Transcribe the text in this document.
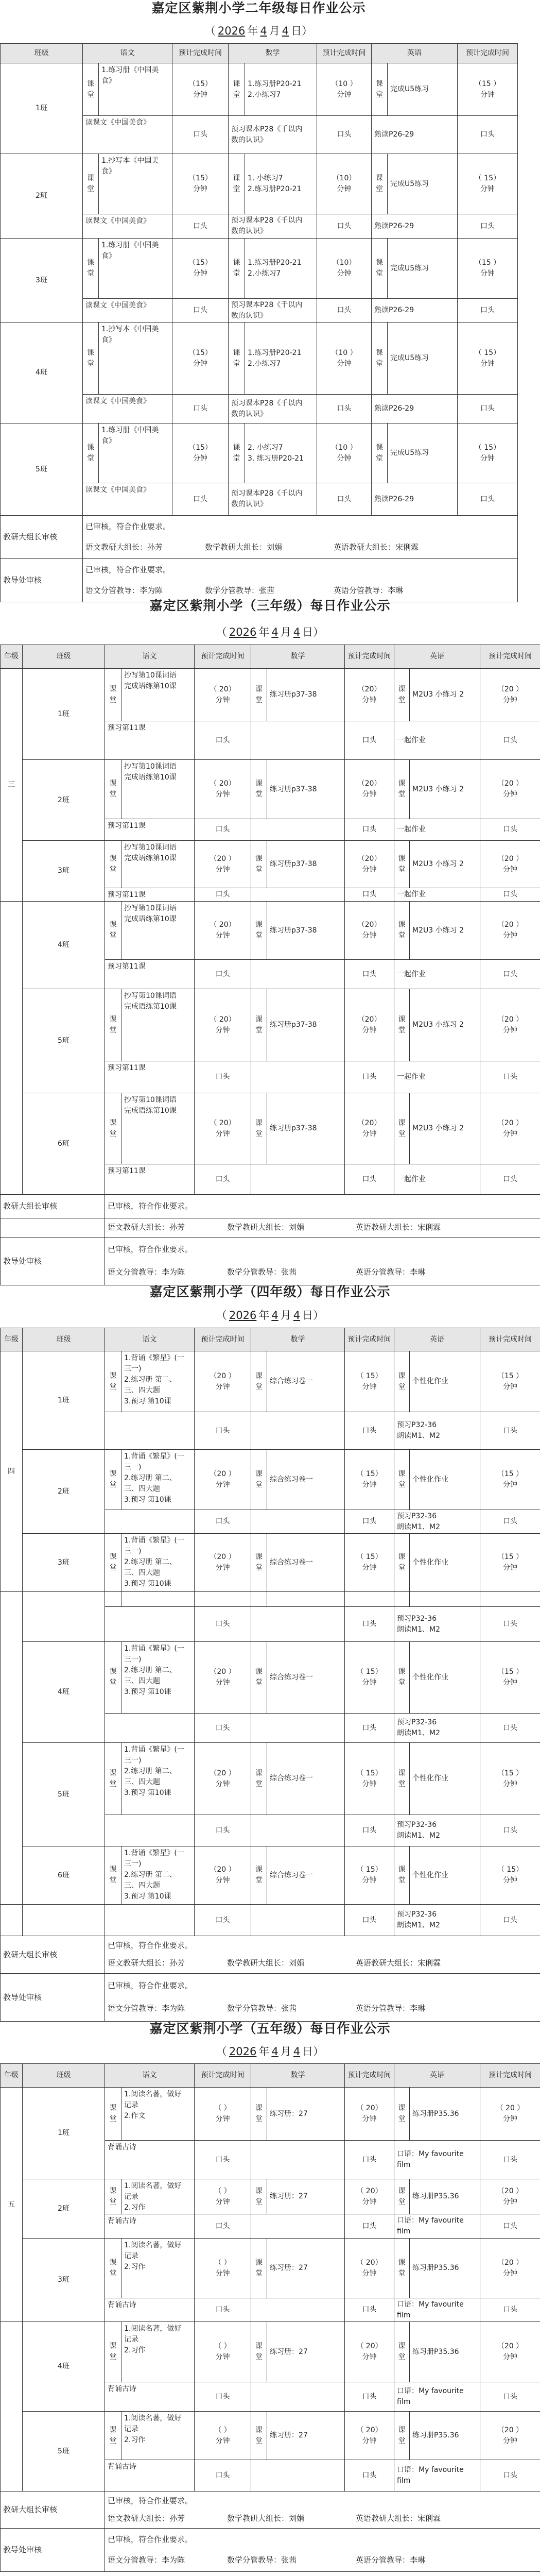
嘉定区紫荆小学二年级每日作业公示
（ 2026 年 4 月 4 日）
班级	语文		预计完成时间	数学		预计完成时间	英语		预计完成时间
1班	课堂	1.练习册《中国美
食》	（15）
分钟	课堂	1.练习册P20-21
2.小练习7	（10 ）
分钟	课堂	完成U5练习	（15 ）
分钟
	读课文《中国美食》		口头	预习课本P28《千以内
数的认识》		口头	熟读P26-29		口头
2班	课堂	1.抄写本《中国美
食》	（15）
分钟	课堂	1. 小练习7
2.练习册P20-21	（10）
分钟	课堂	完成U5练习	（ 15）
分钟
	读课文《中国美食》		口头	预习课本P28《千以内
数的认识》		口头	熟读P26-29		口头
3班	课堂	1.练习册《中国美
食》	（15）
分钟	课堂	1.练习册P20-21
2.小练习7	（10）
分钟	课堂	完成U5练习	（15 ）
分钟
	读课文《中国美食》		口头	预习课本P28《千以内
数的认识》		口头	熟读P26-29		口头
4班	课堂	1.抄写本《中国美
食》	（15）
分钟	课堂	1.练习册P20-21
2.小练习7	（10 ）
分钟	课堂	完成U5练习	（ 15）
分钟
	读课文《中国美食》		口头	预习课本P28《千以内
数的认识》		口头	熟读P26-29		口头
5班	课堂	1.练习册《中国美
食》	（15）
分钟	课堂	2. 小练习7
3. 练习册P20-21	（10 ）
分钟	课堂	完成U5练习	（ 15）
分钟
	读课文《中国美食》		口头	预习课本P28《千以内
数的认识》		口头	熟读P26-29		口头
教研大组长审核	已审核，符合作业要求。
语文教研大组长：孙芳 数学教研大组长：刘娟 英语教研大组长：宋俐霖								

教导处审核	已审核，符合作业要求。
语文分管教导：李为陈 数学分管教导：张茜 英语分管教导：李琳								
嘉定区紫荆小学（三年级）每日作业公示
（ 2026 年 4 月 4 日）
年级	班级	语文		预计完成时间	数学		预计完成时间	英语		预计完成时间
三	1班	课堂	抄写第10课词语
完成语练第10课	（ 20）
分钟	课堂	练习册p37-38	（20）
分钟	课堂	M2U3 小练习 2	（20 ）
分钟
		预习第11课		口头			口头	一起作业		口头
	2班	课堂	抄写第10课词语
完成语练第10课	（ 20）
分钟	课堂	练习册p37-38	（20）
分钟	课堂	M2U3 小练习 2	（20 ）
分钟
		预习第11课		口头			口头	一起作业		口头
	3班	课堂	抄写第10课词语
完成语练第10课	（20 ）
分钟	课堂	练习册p37-38	（20）
分钟	课堂	M2U3 小练习 2	（20 ）
分钟
		预习第11课		口头			口头	一起作业		口头
	4班	课堂	抄写第10课词语
完成语练第10课	（ 20）
分钟	课堂	练习册p37-38	（20）
分钟	课堂	M2U3 小练习 2	（20 ）
分钟
		预习第11课		口头			口头	一起作业		口头
	5班	课堂	抄写第10课词语
完成语练第10课	（ 20）
分钟	课堂	练习册p37-38	（20）
分钟	课堂	M2U3 小练习 2	（20 ）
分钟
		预习第11课		口头			口头	一起作业		口头
	6班	课堂	抄写第10课词语
完成语练第10课	（ 20）
分钟	课堂	练习册p37-38	（20）
分钟	课堂	M2U3 小练习 2	（20 ）
分钟
		预习第11课		口头			口头	一起作业		口头
教研大组长审核		已审核，符合作业要求。								

		语文教研大组长：孙芳 数学教研大组长：刘娟 英语教研大组长：宋俐霖								

教导处审核		已审核，符合作业要求。
语文分管教导：李为陈 数学分管教导：张茜 英语分管教导：李琳								
嘉定区紫荆小学（四年级）每日作业公示
（ 2026 年 4 月 4 日）
年级	班级	语文		预计完成时间	数学		预计完成时间	英语		预计完成时间
四	1班	课堂	1.背诵《繁星》(一
三一)
2.练习册 第二、
三、四大题
3.预习 第10课	（20 ）
分钟	课堂	综合练习卷一	（ 15）
分钟	课堂	个性化作业	（15 ）
分钟
				口头			口头	预习P32-36
朗读M1、M2		口头
	2班	课堂	1.背诵《繁星》(一
三一)
2.练习册 第二、
三、四大题
3.预习 第10课	（20 ）
分钟	课堂	综合练习卷一	（ 15）
分钟	课堂	个性化作业	（15 ）
分钟
				口头			口头	预习P32-36
朗读M1、M2		口头
	3班	课堂	1.背诵《繁星》(一
三一)
2.练习册 第二、
三、四大题
3.预习 第10课	（20 ）
分钟	课堂	综合练习卷一	（ 15）
分钟	课堂	个性化作业	（15 ）
分钟

				口头			口头	预习P32-36
朗读M1、M2		口头
	4班	课堂	1.背诵《繁星》(一
三一)
2.练习册 第二、
三、四大题
3.预习 第10课	（20 ）
分钟	课堂	综合练习卷一	（ 15）
分钟	课堂	个性化作业	（15 ）
分钟
				口头			口头	预习P32-36
朗读M1、M2		口头
	5班	课堂	1.背诵《繁星》(一
三一)
2.练习册 第二、
三、四大题
3.预习 第10课	（20 ）
分钟	课堂	综合练习卷一	（ 15）
分钟	课堂	个性化作业	（15 ）
分钟
				口头			口头	预习P32-36
朗读M1、M2		口头
	6班	课堂	1.背诵《繁星》(一
三一)
2.练习册 第二、
三、四大题
3.预习 第10课	（20 ）
分钟	课堂	综合练习卷一	（ 15）
分钟	课堂	个性化作业	（ 15）
分钟
				口头			口头	预习P32-36
朗读M1、M2		口头
教研大组长审核		已审核，符合作业要求。
语文教研大组长：孙芳 数学教研大组长：刘娟 英语教研大组长：宋俐霖								

教导处审核		已审核，符合作业要求。
语文分管教导：李为陈 数学分管教导：张茜 英语分管教导：李琳								
嘉定区紫荆小学（五年级）每日作业公示
（ 2026 年 4 月 4 日）
年级	班级	语文		预计完成时间	数学		预计完成时间	英语		预计完成时间
五	1班	课堂	1.阅读名著，做好
记录
2.作文	（ ）
分钟	课堂	练习册：27	（ 20）
分钟	课堂	练习册P35.36	（ 20 ）
分钟
		背诵古诗		口头			口头	口语：My favourite
film		口头
	2班	课堂	1.阅读名著，做好
记录
2.习作	（ ）
分钟	课堂	练习册：27	（ 20）
分钟	课堂	练习册P35.36	（20 ）
分钟
		背诵古诗		口头			口头	口语：My favourite
film		口头
	3班	课堂	1.阅读名著，做好
记录
2.习作	（ ）
分钟	课堂	练习册：27	（ 20）
分钟	课堂	练习册P35.36	（20 ）
分钟
		背诵古诗		口头			口头	口语：My favourite
film		口头
	4班	课堂	1.阅读名著，做好
记录
2.习作	（ ）
分钟	课堂	练习册：27	（ 20）
分钟	课堂	练习册P35.36	（20 ）
分钟
		背诵古诗		口头			口头	口语：My favourite
film		口头
	5班	课堂	1.阅读名著，做好
记录
2.习作	（ ）
分钟	课堂	练习册：27	（ 20）
分钟	课堂	练习册P35.36	（20 ）
分钟
		背诵古诗		口头			口头	口语：My favourite
film		口头
教研大组长审核		已审核，符合作业要求。
语文教研大组长：孙芳 数学教研大组长：刘娟 英语教研大组长：宋俐霖								

教导处审核		已审核，符合作业要求。
语文分管教导：李为陈 数学分管教导：张茜 英语分管教导：李琳								
